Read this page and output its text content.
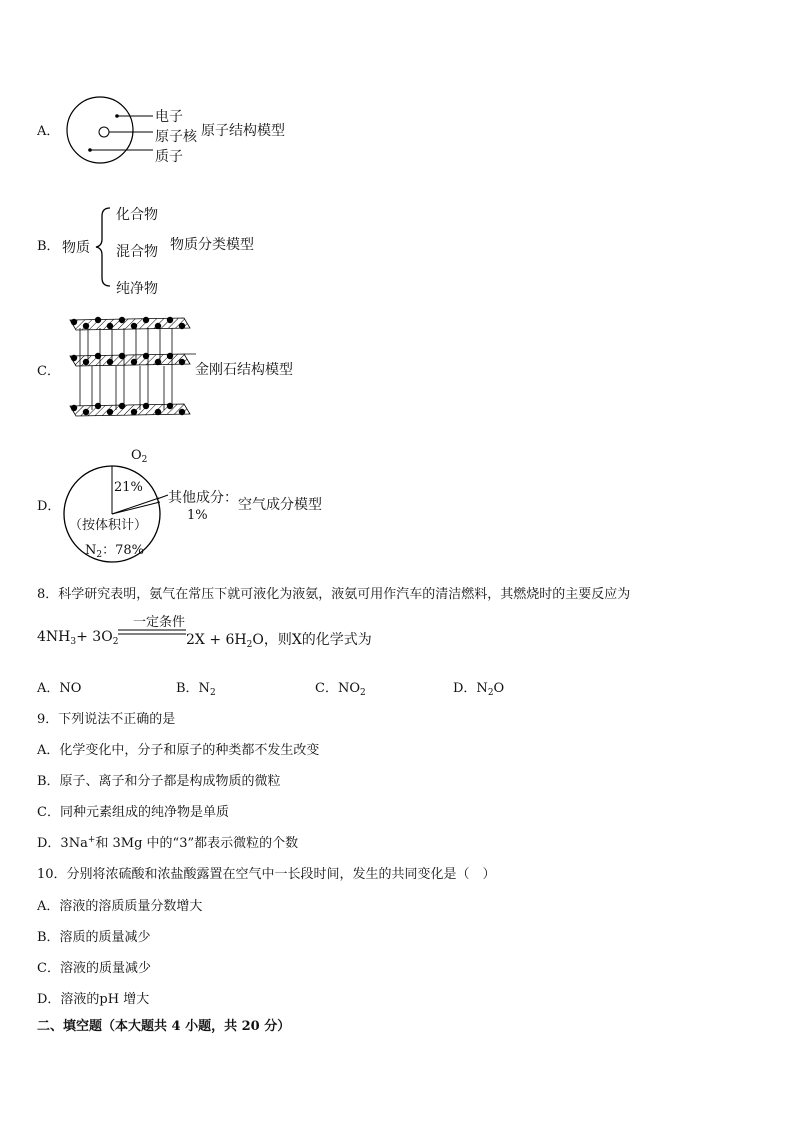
A．
电子
原子核
质子
原子结构模型
B． 物质
化合物
混合物
纯净物
物质分类模型
C．	金刚石结构模型
D．
$O_2$
21%
（按体积计）
$N_2$：78%
其他成分：
1%
空气成分模型
8．科学研究表明，氨气在常压下就可液化为液氨，液氨可用作汽车的清洁燃料，其燃烧时的主要反应为
$4NH_3+ 3O_2$
一定条件
$2X + 6H_2O$，则X的化学式为
A．NO	B．$N_2$	C．$NO_2$	D．$N_2O$
9．下列说法不正确的是
A．化学变化中，分子和原子的种类都不发生改变
B．原子、离子和分子都是构成物质的微粒
C．同种元素组成的纯净物是单质
D．3Na+和 3Mg 中的“3”都表示微粒的个数
10．分别将浓硫酸和浓盐酸露置在空气中一长段时间，发生的共同变化是（　）
A．溶液的溶质质量分数增大
B．溶质的质量减少
C．溶液的质量减少
D．溶液的pH 增大
二、填空题（本大题共 4 小题，共 20 分）
